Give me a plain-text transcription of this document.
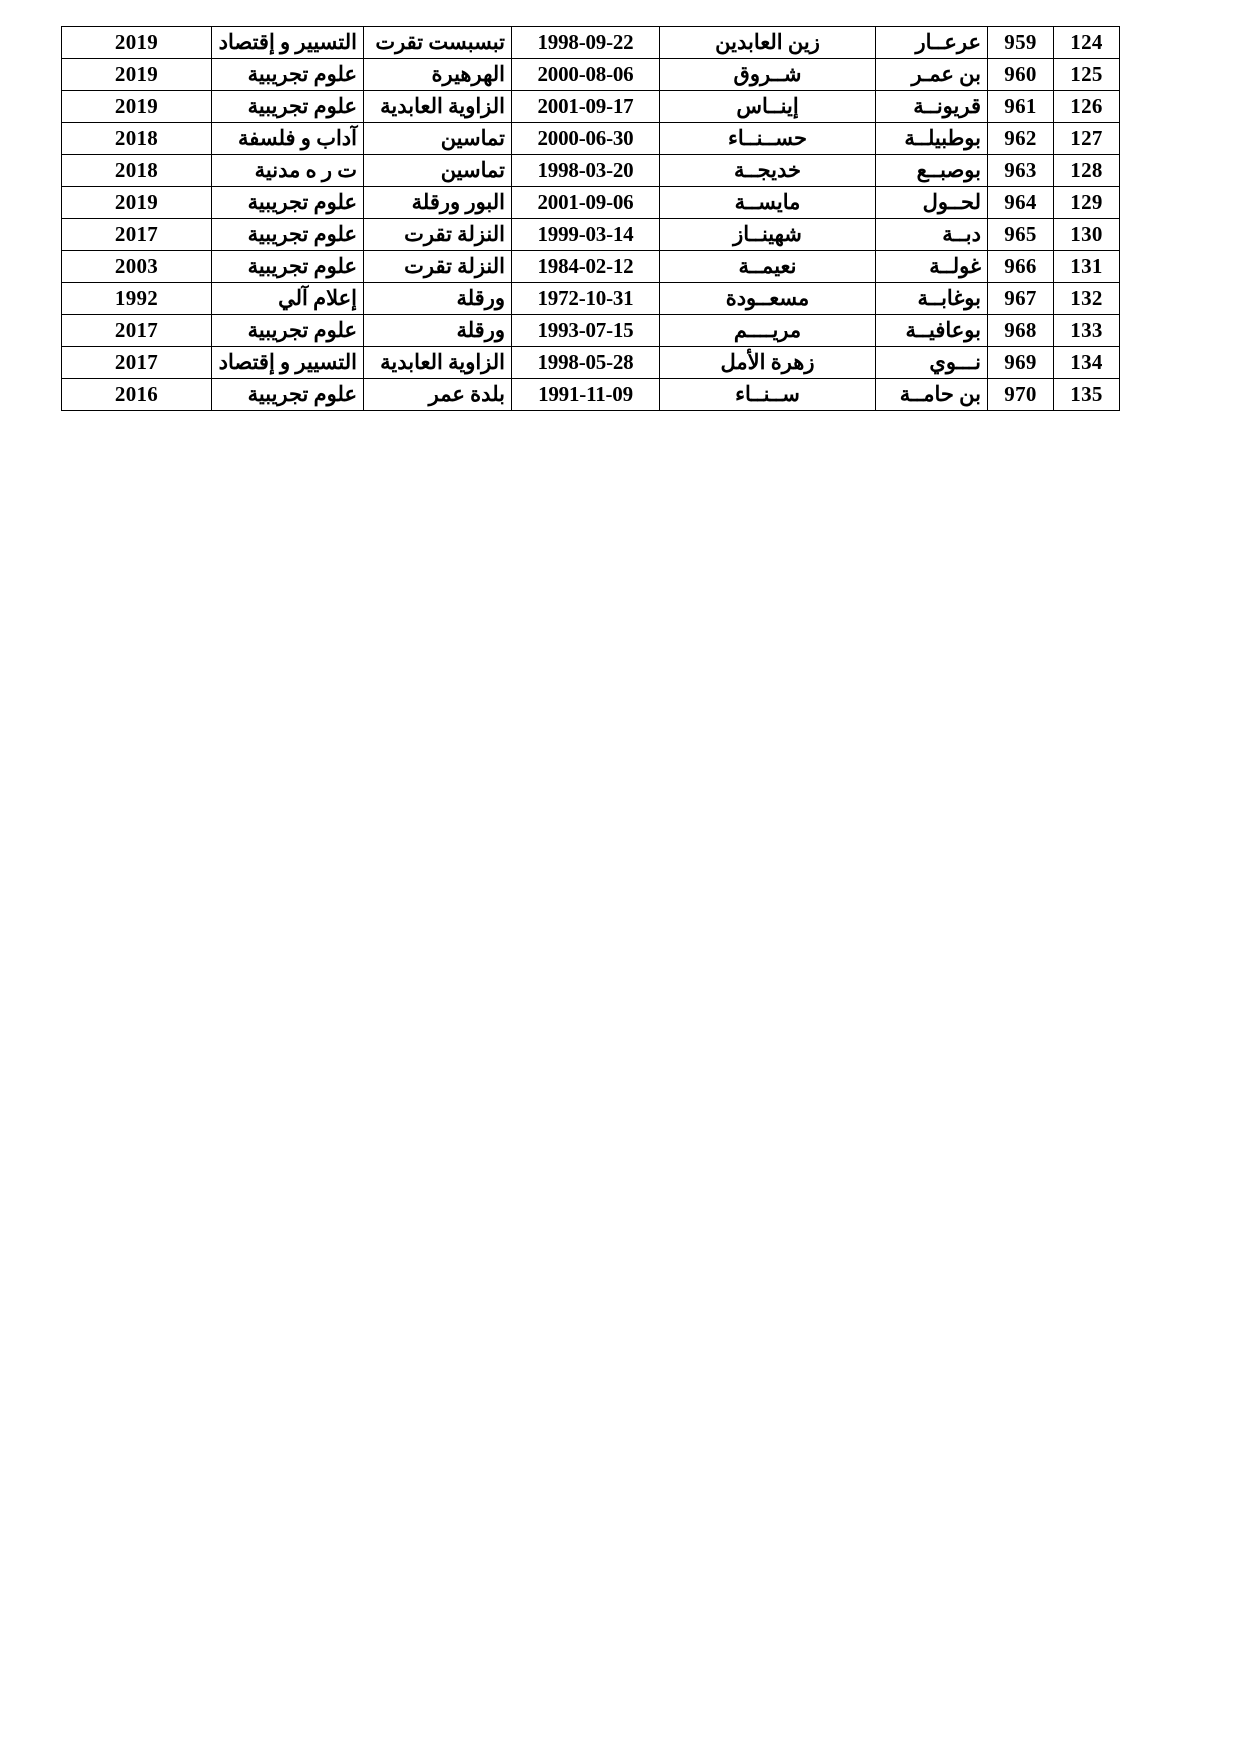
124	959	عرعــار	زين العابدين	1998-09-22	تبسبست تقرت	التسيير و إقتصاد	2019
125	960	بن عمـر	شــروق	2000-08-06	الهرهيرة	علوم تجريبية	2019
126	961	قريونــة	إينــاس	2001-09-17	الزاوية العابدية	علوم تجريبية	2019
127	962	بوطبيلــة	حســنــاء	2000-06-30	تماسين	آداب و فلسفة	2018
128	963	بوصبــع	خديجــة	1998-03-20	تماسين	ت ر ه مدنية	2018
129	964	لحــول	مايســة	2001-09-06	البور ورقلة	علوم تجريبية	2019
130	965	دبــة	شهينــاز	1999-03-14	النزلة تقرت	علوم تجريبية	2017
131	966	غولــة	نعيمــة	1984-02-12	النزلة تقرت	علوم تجريبية	2003
132	967	بوغابــة	مسعــودة	1972-10-31	ورقلة	إعلام آلي	1992
133	968	بوعافيــة	مريــــم	1993-07-15	ورقلة	علوم تجريبية	2017
134	969	نـــوي	زهرة الأمل	1998-05-28	الزاوية العابدية	التسيير و إقتصاد	2017
135	970	بن حامــة	ســنــاء	1991-11-09	بلدة عمر	علوم تجريبية	2016
